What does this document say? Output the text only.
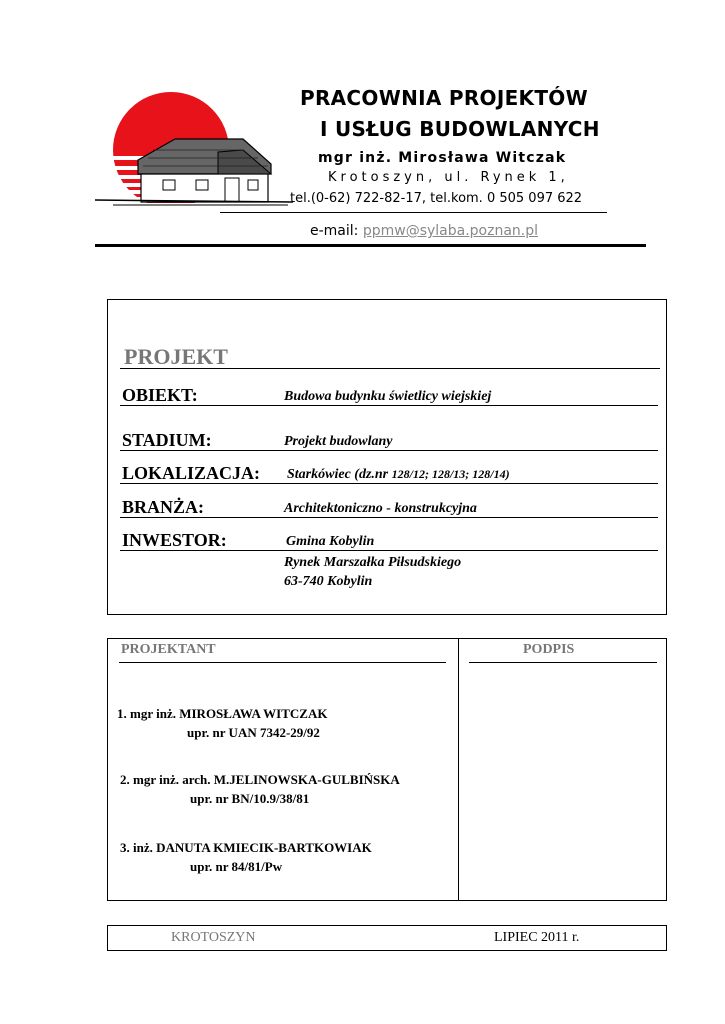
PRACOWNIA PROJEKTÓW
I USŁUG BUDOWLANYCH
mgr inż. Mirosława Witczak
Krotoszyn, ul. Rynek 1,
tel.(0-62) 722-82-17, tel.kom. 0 505 097 622
e-mail: ppmw@sylaba.poznan.pl
PROJEKT
OBIEKT:	Budowa budynku świetlicy wiejskiej
STADIUM:	Projekt budowlany
LOKALIZACJA: Starkówiec (dz.nr 128/12; 128/13; 128/14)
BRANŻA:	Architektoniczno - konstrukcyjna
INWESTOR:	Gmina Kobylin
Rynek Marszałka Piłsudskiego
63-740 Kobylin
PROJEKTANT	PODPIS
1. mgr inż. MIROSŁAWA WITCZAK
upr. nr UAN 7342-29/92
2. mgr inż. arch. M.JELINOWSKA-GULBIŃSKA
upr. nr BN/10.9/38/81
3. inż. DANUTA KMIECIK-BARTKOWIAK
upr. nr 84/81/Pw
KROTOSZYN	LIPIEC 2011 r.
